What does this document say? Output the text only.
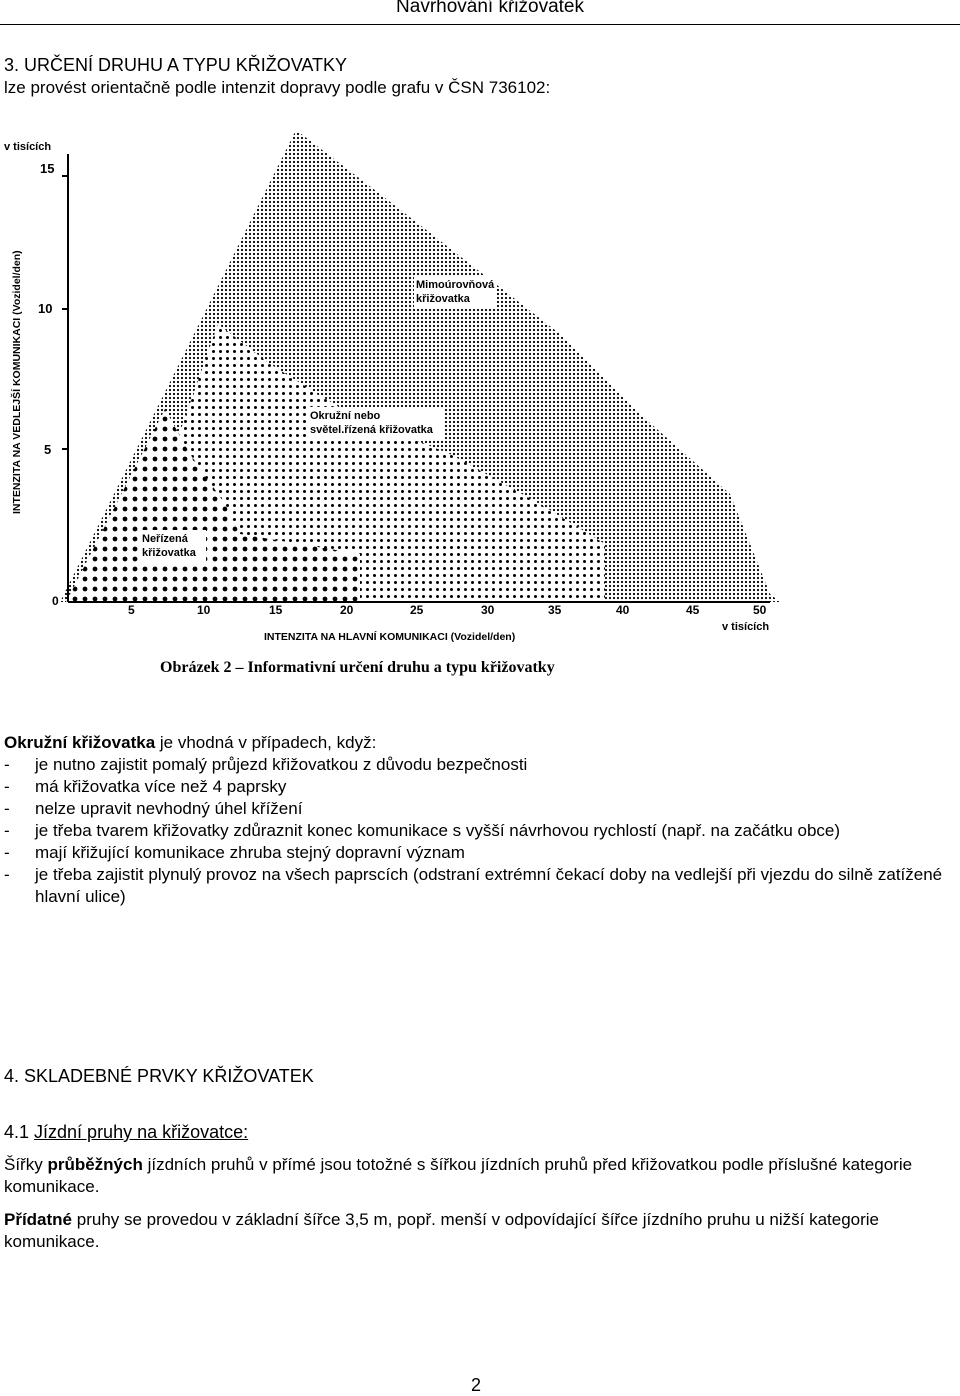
Navrhování křižovatek
3. URČENÍ DRUHU A TYPU KŘIŽOVATKY
lze provést orientačně podle intenzit dopravy podle grafu v ČSN 736102:
15
10
5
v tisících
INTENZITA NA VEDLEJŠÍ KOMUNIKACI (Vozidel/den)
0
5	10	15	20	25	30	35	40	45	50
v tisících
INTENZITA NA HLAVNÍ KOMUNIKACI (Vozidel/den)
Mimoúrovňová
křižovatka
Okružní nebo
světel.řízená křižovatka
Neřízená
křižovatka
Obrázek 2 – Informativní určení druhu a typu křižovatky
Okružní křižovatka je vhodná v případech, když:
- je nutno zajistit pomalý průjezd křižovatkou z důvodu bezpečnosti
- má křižovatka více než 4 paprsky
- nelze upravit nevhodný úhel křížení
- je třeba tvarem křižovatky zdůraznit konec komunikace s vyšší návrhovou rychlostí (např. na začátku obce)
- mají křižující komunikace zhruba stejný dopravní význam
- je třeba zajistit plynulý provoz na všech paprscích (odstraní extrémní čekací doby na vedlejší při vjezdu do silně zatížené hlavní ulice)
4. SKLADEBNÉ PRVKY KŘIŽOVATEK
4.1 Jízdní pruhy na křižovatce:
Šířky průběžných jízdních pruhů v přímé jsou totožné s šířkou jízdních pruhů před křižovatkou podle příslušné kategorie komunikace.
Přídatné pruhy se provedou v základní šířce 3,5 m, popř. menší v odpovídající šířce jízdního pruhu u nižší kategorie komunikace.
2
